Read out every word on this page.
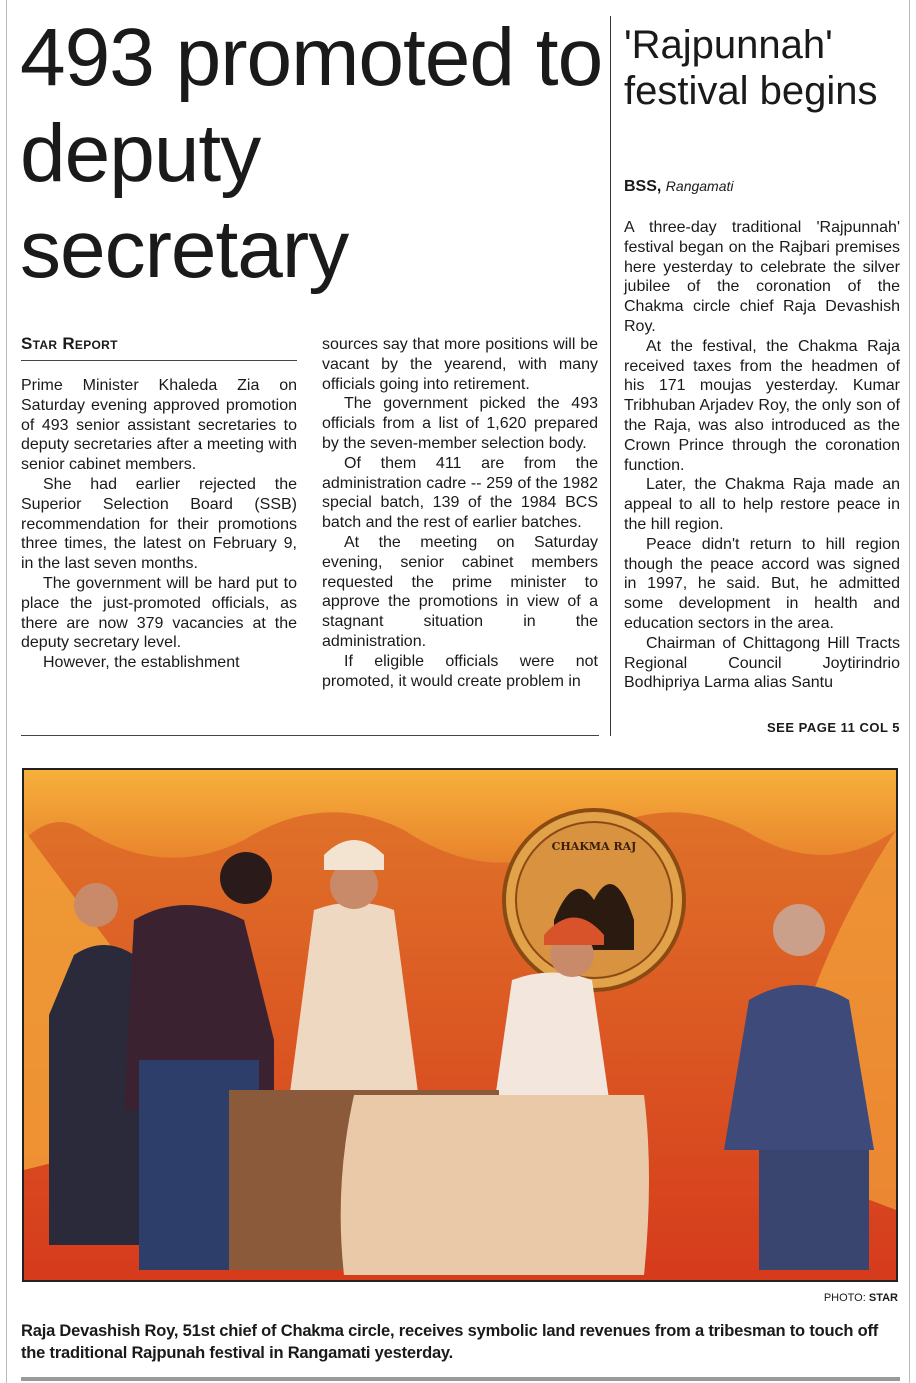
493 promoted to deputy secretary
'Rajpunnah' festival begins
BSS, Rangamati
Star Report

Prime Minister Khaleda Zia on Saturday evening approved promotion of 493 senior assistant secretaries to deputy secretaries after a meeting with senior cabinet members.

She had earlier rejected the Superior Selection Board (SSB) recommendation for their promotions three times, the latest on February 9, in the last seven months.

The government will be hard put to place the just-promoted officials, as there are now 379 vacancies at the deputy secretary level.

However, the establishment

sources say that more positions will be vacant by the yearend, with many officials going into retirement.

The government picked the 493 officials from a list of 1,620 prepared by the seven-member selection body.

Of them 411 are from the administration cadre -- 259 of the 1982 special batch, 139 of the 1984 BCS batch and the rest of earlier batches.

At the meeting on Saturday evening, senior cabinet members requested the prime minister to approve the promotions in view of a stagnant situation in the administration.

If eligible officials were not promoted, it would create problem in

A three-day traditional 'Rajpunnah' festival began on the Rajbari premises here yesterday to celebrate the silver jubilee of the coronation of the Chakma circle chief Raja Devashish Roy.

At the festival, the Chakma Raja received taxes from the headmen of his 171 moujas yesterday. Kumar Tribhuban Arjadev Roy, the only son of the Raja, was also introduced as the Crown Prince through the coronation function.

Later, the Chakma Raja made an appeal to all to help restore peace in the hill region.

Peace didn't return to hill region though the peace accord was signed in 1997, he said. But, he admitted some development in health and education sectors in the area.

Chairman of Chittagong Hill Tracts Regional Council Joytirindrio Bodhipriya Larma alias Santu

SEE PAGE 11 COL 5
CHAKMA RAJ
PHOTO: STAR
Raja Devashish Roy, 51st chief of Chakma circle, receives symbolic land revenues from a tribesman to touch off the traditional Rajpunah festival in Rangamati yesterday.
